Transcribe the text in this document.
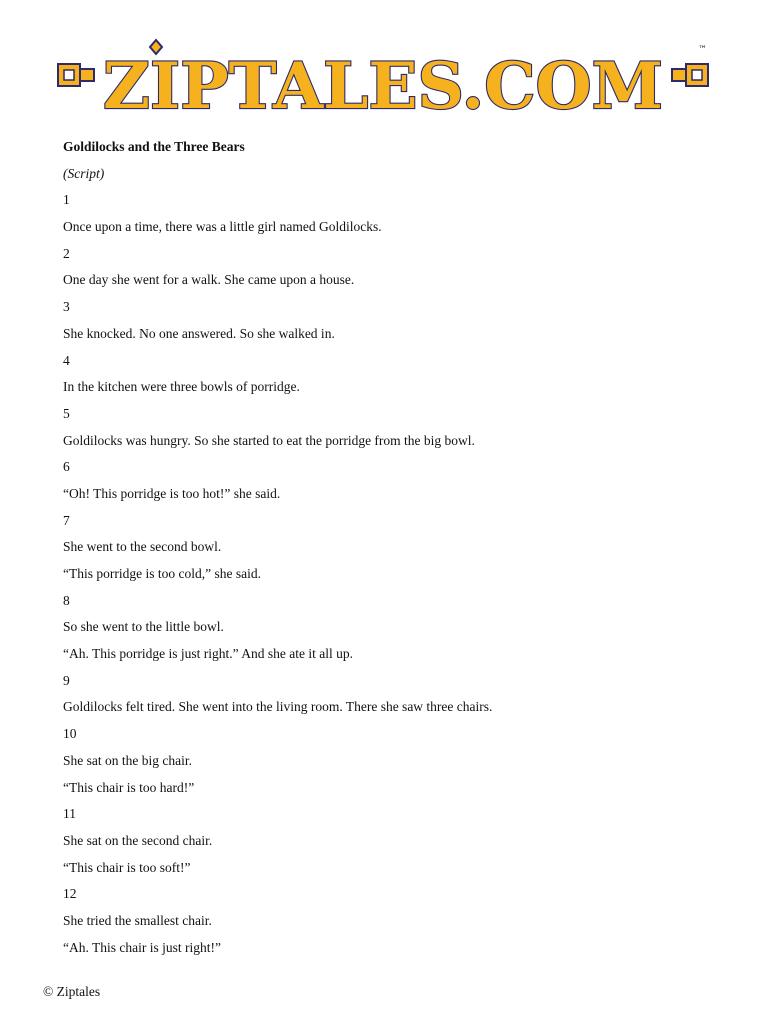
ZIPTALES.COM	™
Goldilocks and the Three Bears

(Script)

1
Once upon a time, there was a little girl named Goldilocks.
2
One day she went for a walk. She came upon a house.
3
She knocked. No one answered. So she walked in.
4
In the kitchen were three bowls of porridge.
5
Goldilocks was hungry. So she started to eat the porridge from the big bowl.
6
“Oh! This porridge is too hot!” she said.
7
She went to the second bowl.
“This porridge is too cold,” she said.
8
So she went to the little bowl.
“Ah. This porridge is just right.” And she ate it all up.
9
Goldilocks felt tired. She went into the living room. There she saw three chairs.
10
She sat on the big chair.
“This chair is too hard!”
11
She sat on the second chair.
“This chair is too soft!”
12
She tried the smallest chair.
“Ah. This chair is just right!”
© Ziptales
